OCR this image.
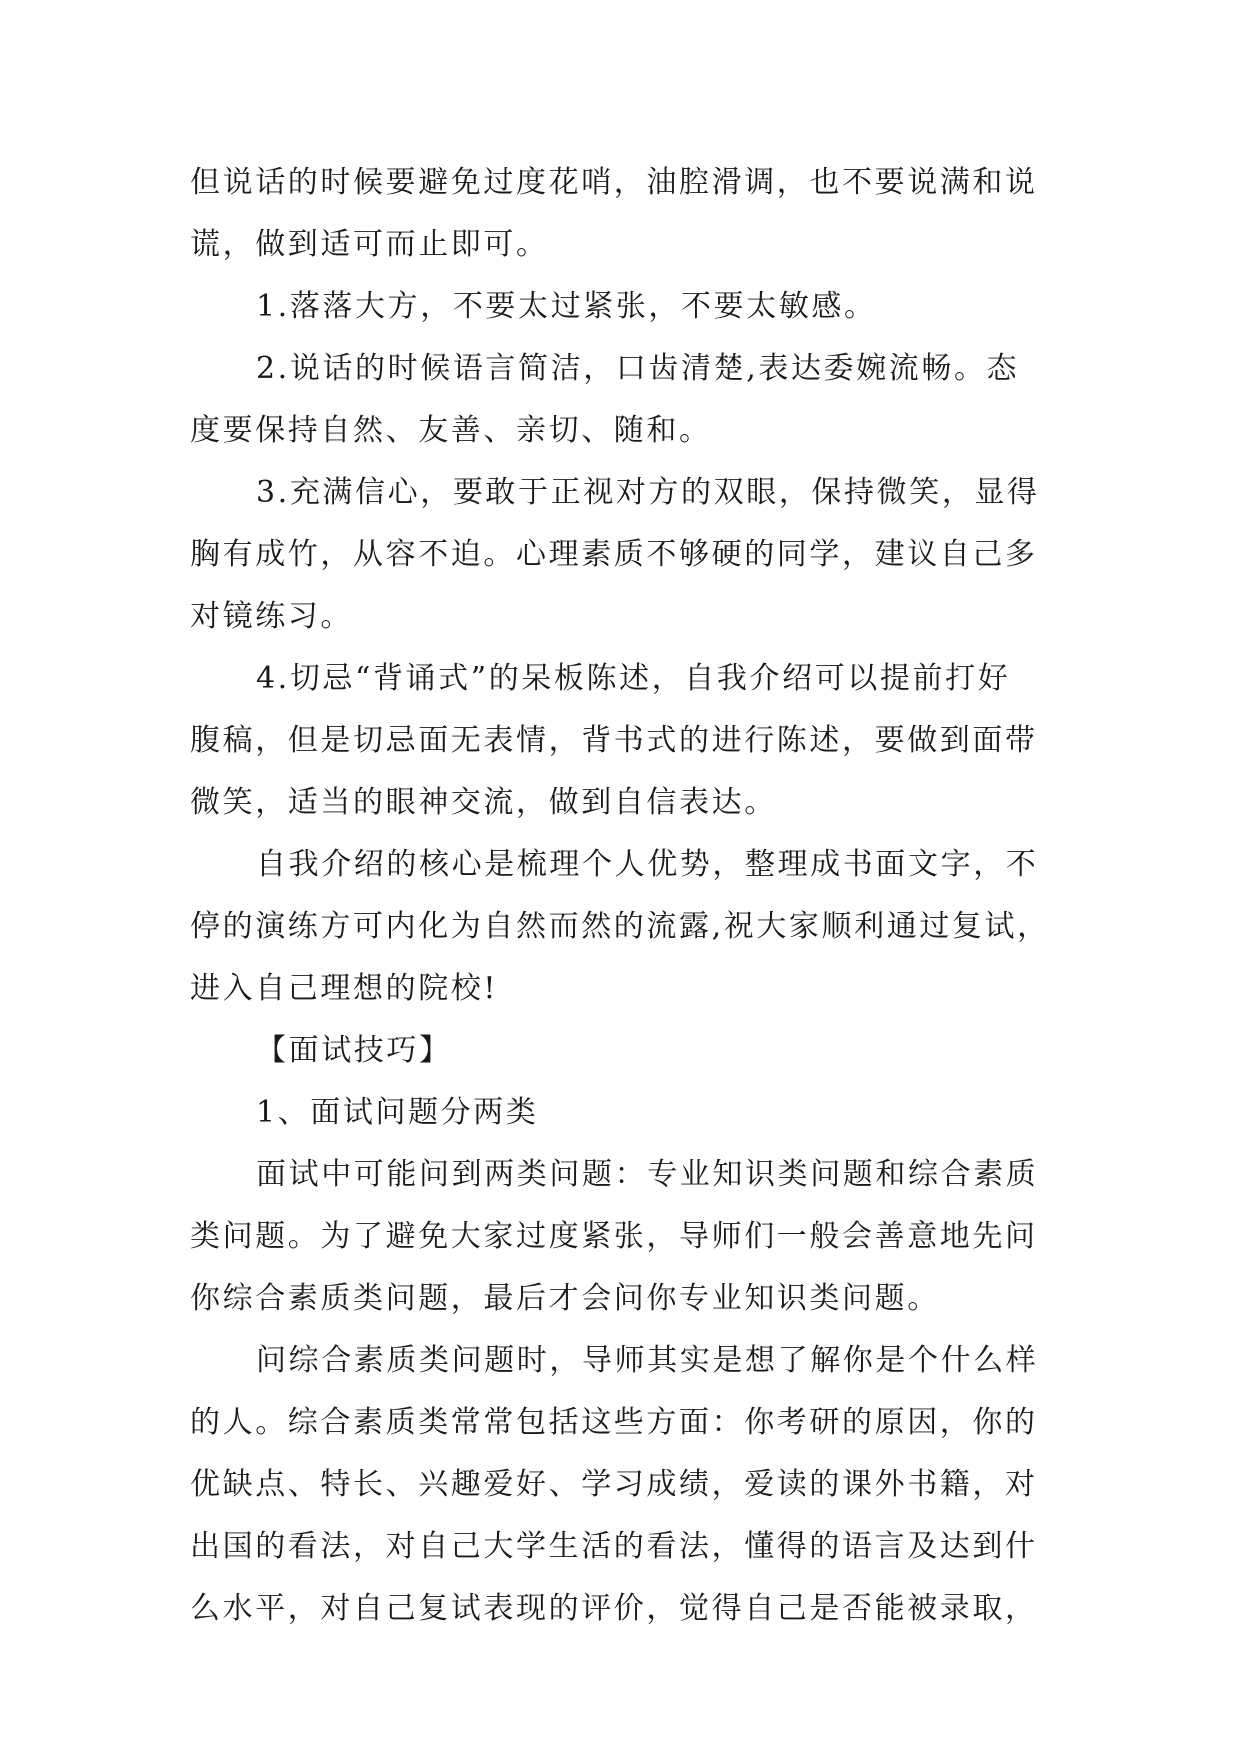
但说话的时候要避免过度花哨，油腔滑调，也不要说满和说
谎，做到适可而止即可。
1.落落大方，不要太过紧张，不要太敏感。
2.说话的时候语言简洁，口齿清楚,表达委婉流畅。态
度要保持自然、友善、亲切、随和。
3.充满信心，要敢于正视对方的双眼，保持微笑，显得
胸有成竹，从容不迫。心理素质不够硬的同学，建议自己多
对镜练习。
4.切忌“背诵式”的呆板陈述，自我介绍可以提前打好
腹稿，但是切忌面无表情，背书式的进行陈述，要做到面带
微笑，适当的眼神交流，做到自信表达。
自我介绍的核心是梳理个人优势，整理成书面文字，不
停的演练方可内化为自然而然的流露,祝大家顺利通过复试，
进入自己理想的院校!
【面试技巧】
1、面试问题分两类
面试中可能问到两类问题：专业知识类问题和综合素质
类问题。为了避免大家过度紧张，导师们一般会善意地先问
你综合素质类问题，最后才会问你专业知识类问题。
问综合素质类问题时，导师其实是想了解你是个什么样
的人。综合素质类常常包括这些方面：你考研的原因，你的
优缺点、特长、兴趣爱好、学习成绩，爱读的课外书籍，对
出国的看法，对自己大学生活的看法，懂得的语言及达到什
么水平，对自己复试表现的评价，觉得自己是否能被录取，
